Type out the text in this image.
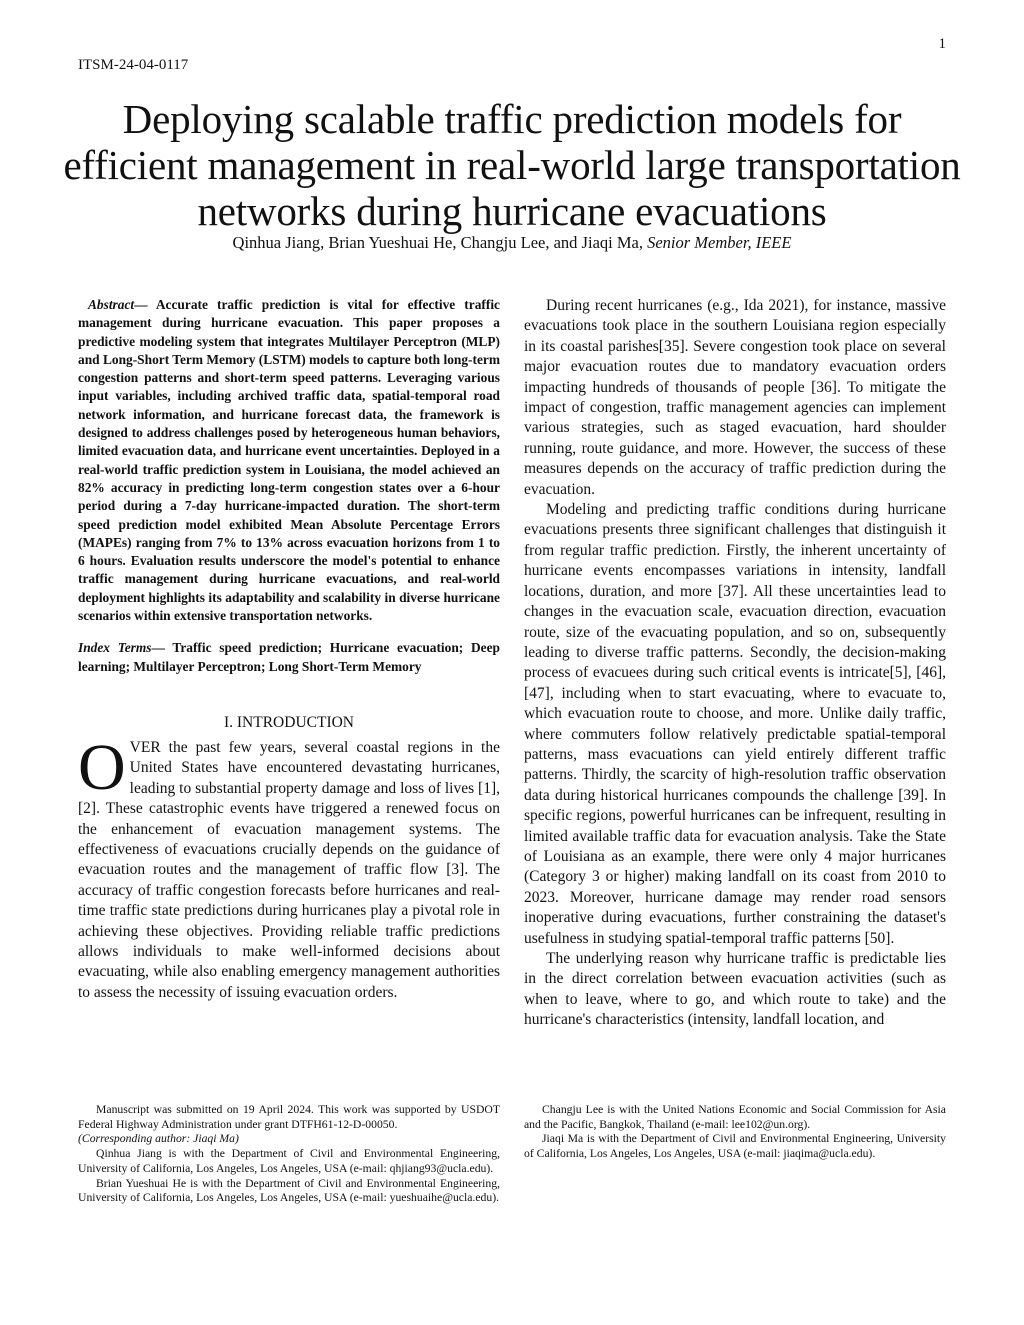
1
ITSM-24-04-0117
Deploying scalable traffic prediction models for efficient management in real-world large transportation networks during hurricane evacuations
Qinhua Jiang, Brian Yueshuai He, Changju Lee, and Jiaqi Ma, Senior Member, IEEE

Abstract— Accurate traffic prediction is vital for effective traffic management during hurricane evacuation. This paper proposes a predictive modeling system that integrates Multilayer Perceptron (MLP) and Long-Short Term Memory (LSTM) models to capture both long-term congestion patterns and short-term speed patterns. Leveraging various input variables, including archived traffic data, spatial-temporal road network information, and hurricane forecast data, the framework is designed to address challenges posed by heterogeneous human behaviors, limited evacuation data, and hurricane event uncertainties. Deployed in a real-world traffic prediction system in Louisiana, the model achieved an 82% accuracy in predicting long-term congestion states over a 6-hour period during a 7-day hurricane-impacted duration. The short-term speed prediction model exhibited Mean Absolute Percentage Errors (MAPEs) ranging from 7% to 13% across evacuation horizons from 1 to 6 hours. Evaluation results underscore the model's potential to enhance traffic management during hurricane evacuations, and real-world deployment highlights its adaptability and scalability in diverse hurricane scenarios within extensive transportation networks.

Index Terms— Traffic speed prediction; Hurricane evacuation; Deep learning; Multilayer Perceptron; Long Short-Term Memory

I. INTRODUCTION

OVER the past few years, several coastal regions in the United States have encountered devastating hurricanes, leading to substantial property damage and loss of lives [1], [2]. These catastrophic events have triggered a renewed focus on the enhancement of evacuation management systems. The effectiveness of evacuations crucially depends on the guidance of evacuation routes and the management of traffic flow [3]. The accuracy of traffic congestion forecasts before hurricanes and real-time traffic state predictions during hurricanes play a pivotal role in achieving these objectives. Providing reliable traffic predictions allows individuals to make well-informed decisions about evacuating, while also enabling emergency management authorities to assess the necessity of issuing evacuation orders.

During recent hurricanes (e.g., Ida 2021), for instance, massive evacuations took place in the southern Louisiana region especially in its coastal parishes[35]. Severe congestion took place on several major evacuation routes due to mandatory evacuation orders impacting hundreds of thousands of people [36]. To mitigate the impact of congestion, traffic management agencies can implement various strategies, such as staged evacuation, hard shoulder running, route guidance, and more. However, the success of these measures depends on the accuracy of traffic prediction during the evacuation.

Modeling and predicting traffic conditions during hurricane evacuations presents three significant challenges that distinguish it from regular traffic prediction. Firstly, the inherent uncertainty of hurricane events encompasses variations in intensity, landfall locations, duration, and more [37]. All these uncertainties lead to changes in the evacuation scale, evacuation direction, evacuation route, size of the evacuating population, and so on, subsequently leading to diverse traffic patterns. Secondly, the decision-making process of evacuees during such critical events is intricate[5], [46], [47], including when to start evacuating, where to evacuate to, which evacuation route to choose, and more. Unlike daily traffic, where commuters follow relatively predictable spatial-temporal patterns, mass evacuations can yield entirely different traffic patterns. Thirdly, the scarcity of high-resolution traffic observation data during historical hurricanes compounds the challenge [39]. In specific regions, powerful hurricanes can be infrequent, resulting in limited available traffic data for evacuation analysis. Take the State of Louisiana as an example, there were only 4 major hurricanes (Category 3 or higher) making landfall on its coast from 2010 to 2023. Moreover, hurricane damage may render road sensors inoperative during evacuations, further constraining the dataset's usefulness in studying spatial-temporal traffic patterns [50].

The underlying reason why hurricane traffic is predictable lies in the direct correlation between evacuation activities (such as when to leave, where to go, and which route to take) and the hurricane's characteristics (intensity, landfall location, and

Manuscript was submitted on 19 April 2024. This work was supported by USDOT Federal Highway Administration under grant DTFH61-12-D-00050.

(Corresponding author: Jiaqi Ma)

Qinhua Jiang is with the Department of Civil and Environmental Engineering, University of California, Los Angeles, Los Angeles, USA (e-mail: qhjiang93@ucla.edu).

Brian Yueshuai He is with the Department of Civil and Environmental Engineering, University of California, Los Angeles, Los Angeles, USA (e-mail: yueshuaihe@ucla.edu).

Changju Lee is with the United Nations Economic and Social Commission for Asia and the Pacific, Bangkok, Thailand (e-mail: lee102@un.org).

Jiaqi Ma is with the Department of Civil and Environmental Engineering, University of California, Los Angeles, Los Angeles, USA (e-mail: jiaqima@ucla.edu).
